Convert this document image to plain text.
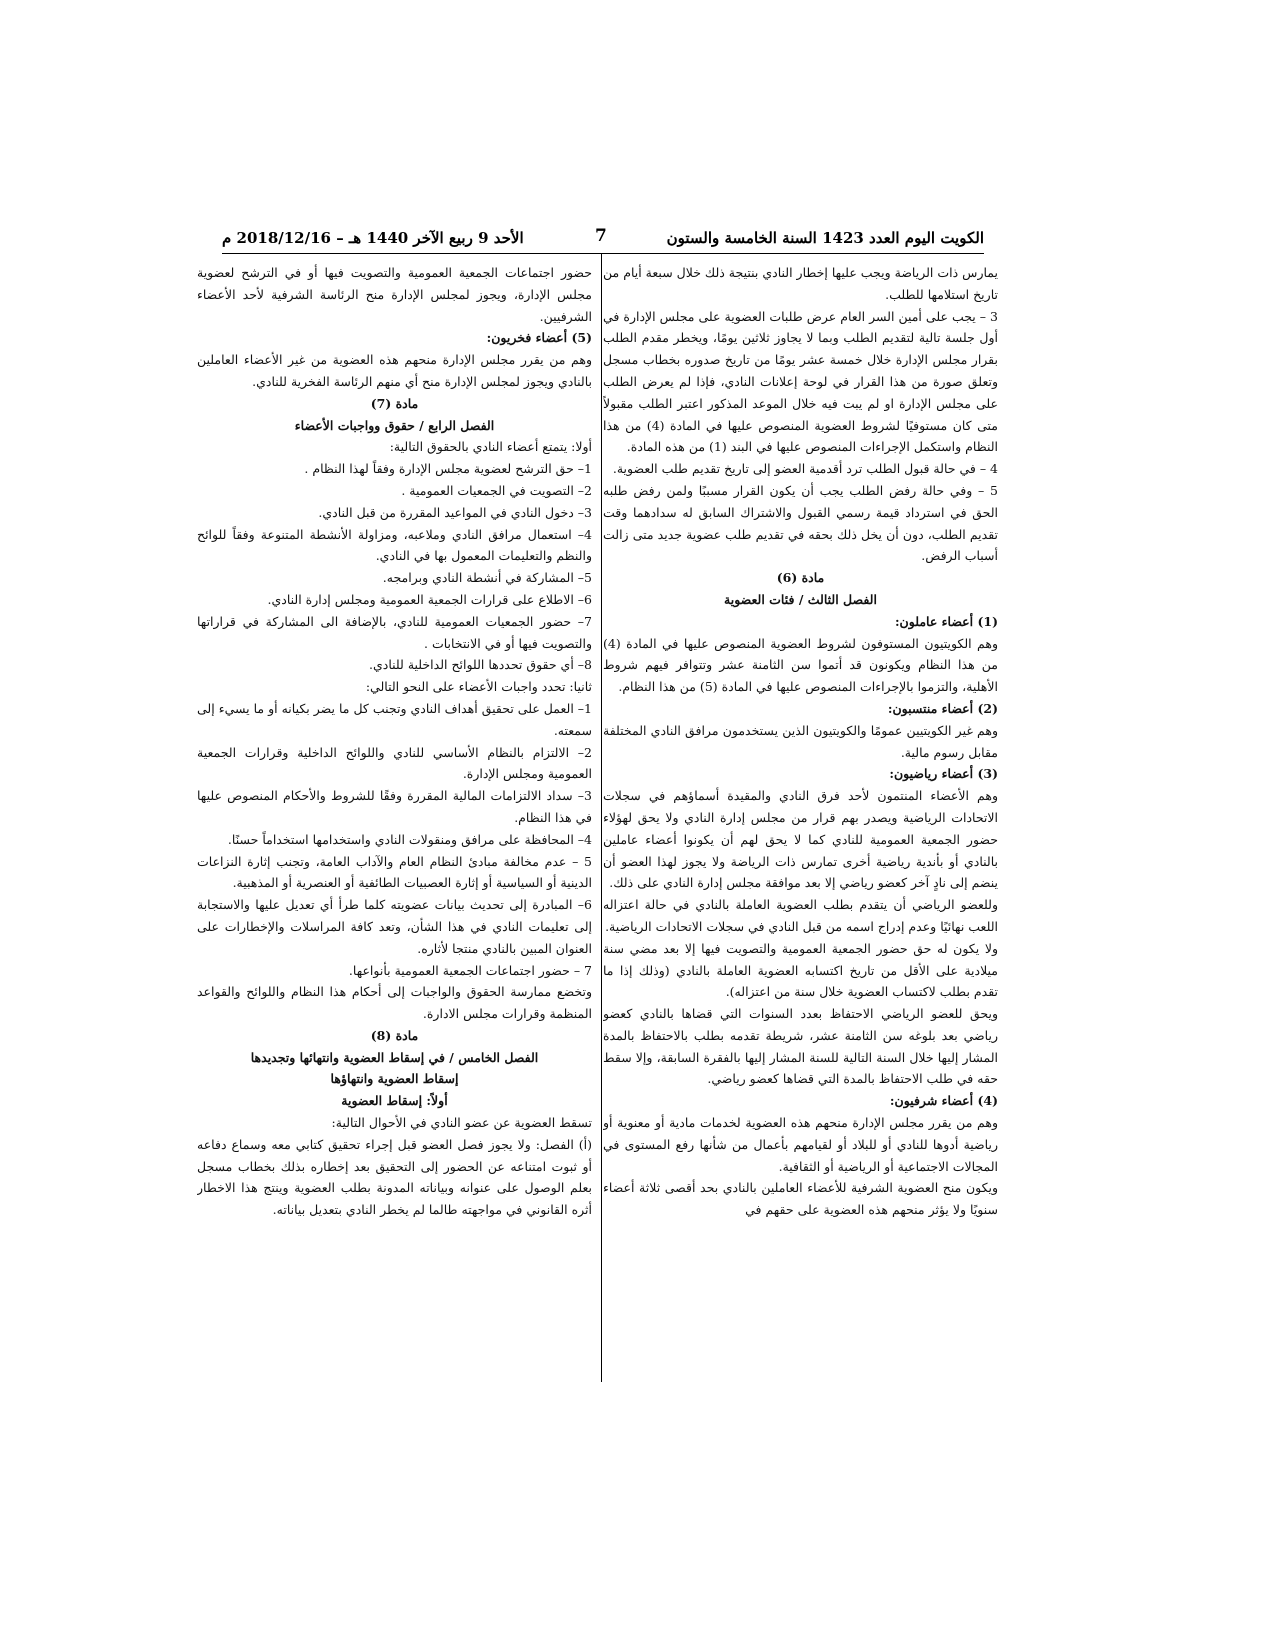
الأحد 9 ربيع الآخر 1440 هـ – 2018/12/16 م	7	الكويت اليوم العدد 1423 السنة الخامسة والستون

يمارس ذات الرياضة ويجب عليها إخطار النادي بنتيجة ذلك خلال سبعة أيام من تاريخ استلامها للطلب.

3 – يجب على أمين السر العام عرض طلبات العضوية على مجلس الإدارة في أول جلسة تالية لتقديم الطلب وبما لا يجاوز ثلاثين يومًا، ويخطر مقدم الطلب بقرار مجلس الإدارة خلال خمسة عشر يومًا من تاريخ صدوره بخطاب مسجل وتعلق صورة من هذا القرار في لوحة إعلانات النادي، فإذا لم يعرض الطلب على مجلس الإدارة او لم يبت فيه خلال الموعد المذكور اعتبر الطلب مقبولاً متى كان مستوفيًا لشروط العضوية المنصوص عليها في المادة (4) من هذا النظام واستكمل الإجراءات المنصوص عليها في البند (1) من هذه المادة.

4 – في حالة قبول الطلب ترد أقدمية العضو إلى تاريخ تقديم طلب العضوية.

5 – وفي حالة رفض الطلب يجب أن يكون القرار مسببًا ولمن رفض طلبه الحق في استرداد قيمة رسمي القبول والاشتراك السابق له سدادهما وقت تقديم الطلب، دون أن يخل ذلك بحقه في تقديم طلب عضوية جديد متى زالت أسباب الرفض.

مادة (6)

الفصل الثالث / فئات العضوية

(1) أعضاء عاملون:

وهم الكويتيون المستوفون لشروط العضوية المنصوص عليها في المادة (4) من هذا النظام ويكونون قد أتموا سن الثامنة عشر وتتوافر فيهم شروط الأهلية، والتزموا بالإجراءات المنصوص عليها في المادة (5) من هذا النظام.

(2) أعضاء منتسبون:

وهم غير الكويتيين عمومًا والكويتيون الذين يستخدمون مرافق النادي المختلفة مقابل رسوم مالية.

(3) أعضاء رياضيون:

وهم الأعضاء المنتمون لأحد فرق النادي والمقيدة أسماؤهم في سجلات الاتحادات الرياضية ويصدر بهم قرار من مجلس إدارة النادي ولا يحق لهؤلاء حضور الجمعية العمومية للنادي كما لا يحق لهم أن يكونوا أعضاء عاملين بالنادي أو بأندية رياضية أخرى تمارس ذات الرياضة ولا يجوز لهذا العضو أن ينضم إلى نادٍ آخر كعضو رياضي إلا بعد موافقة مجلس إدارة النادي على ذلك.

وللعضو الرياضي أن يتقدم بطلب العضوية العاملة بالنادي في حالة اعتزاله اللعب نهائيًا وعدم إدراج اسمه من قبل النادي في سجلات الاتحادات الرياضية.

ولا يكون له حق حضور الجمعية العمومية والتصويت فيها إلا بعد مضي سنة ميلادية على الأقل من تاريخ اكتسابه العضوية العاملة بالنادي (وذلك إذا ما تقدم بطلب لاكتساب العضوية خلال سنة من اعتزاله).

ويحق للعضو الرياضي الاحتفاظ بعدد السنوات التي قضاها بالنادي كعضو رياضي بعد بلوغه سن الثامنة عشر، شريطة تقدمه بطلب بالاحتفاظ بالمدة المشار إليها خلال السنة التالية للسنة المشار إليها بالفقرة السابقة، وإلا سقط حقه في طلب الاحتفاظ بالمدة التي قضاها كعضو رياضي.

(4) أعضاء شرفيون:

وهم من يقرر مجلس الإدارة منحهم هذه العضوية لخدمات مادية أو معنوية أو رياضية أدوها للنادي أو للبلاد أو لقيامهم بأعمال من شأنها رفع المستوى في المجالات الاجتماعية أو الرياضية أو الثقافية.

ويكون منح العضوية الشرفية للأعضاء العاملين بالنادي بحد أقصى ثلاثة أعضاء سنويًا ولا يؤثر منحهم هذه العضوية على حقهم في

حضور اجتماعات الجمعية العمومية والتصويت فيها أو في الترشح لعضوية مجلس الإدارة، ويجوز لمجلس الإدارة منح الرئاسة الشرفية لأحد الأعضاء الشرفيين.

(5) أعضاء فخريون:

وهم من يقرر مجلس الإدارة منحهم هذه العضوية من غير الأعضاء العاملين بالنادي ويجوز لمجلس الإدارة منح أي منهم الرئاسة الفخرية للنادي.

مادة (7)

الفصل الرابع / حقوق وواجبات الأعضاء

أولا: يتمتع أعضاء النادي بالحقوق التالية:

1– حق الترشح لعضوية مجلس الإدارة وفقاً لهذا النظام .

2– التصويت في الجمعيات العمومية .

3– دخول النادي في المواعيد المقررة من قبل النادي.

4– استعمال مرافق النادي وملاعبه، ومزاولة الأنشطة المتنوعة وفقاً للوائح والنظم والتعليمات المعمول بها في النادي.

5– المشاركة في أنشطة النادي وبرامجه.

6– الاطلاع على قرارات الجمعية العمومية ومجلس إدارة النادي.

7– حضور الجمعيات العمومية للنادي، بالإضافة الى المشاركة في قراراتها والتصويت فيها أو في الانتخابات .

8– أي حقوق تحددها اللوائح الداخلية للنادي.

ثانيا: تحدد واجبات الأعضاء على النحو التالي:

1– العمل على تحقيق أهداف النادي وتجنب كل ما يضر بكيانه أو ما يسيء إلى سمعته.

2– الالتزام بالنظام الأساسي للنادي واللوائح الداخلية وقرارات الجمعية العمومية ومجلس الإدارة.

3– سداد الالتزامات المالية المقررة وفقًا للشروط والأحكام المنصوص عليها في هذا النظام.

4– المحافظة على مرافق ومنقولات النادي واستخدامها استخداماً حسنًا.

5 – عدم مخالفة مبادئ النظام العام والآداب العامة، وتجنب إثارة النزاعات الدينية أو السياسية أو إثارة العصبيات الطائفية أو العنصرية أو المذهبية.

6– المبادرة إلى تحديث بيانات عضويته كلما طرأ أي تعديل عليها والاستجابة إلى تعليمات النادي في هذا الشأن، وتعد كافة المراسلات والإخطارات على العنوان المبين بالنادي منتجا لأثاره.

7 – حضور اجتماعات الجمعية العمومية بأنواعها.

وتخضع ممارسة الحقوق والواجبات إلى أحكام هذا النظام واللوائح والقواعد المنظمة وقرارات مجلس الادارة.

مادة (8)

الفصل الخامس / في إسقاط العضوية وانتهائها وتجديدها

إسقاط العضوية وانتهاؤها

أولاً: إسقاط العضوية

تسقط العضوية عن عضو النادي في الأحوال التالية:

(أ) الفصل: ولا يجوز فصل العضو قبل إجراء تحقيق كتابي معه وسماع دفاعه أو ثبوت امتناعه عن الحضور إلى التحقيق بعد إخطاره بذلك بخطاب مسجل بعلم الوصول على عنوانه وبياناته المدونة بطلب العضوية وينتج هذا الاخطار أثره القانوني في مواجهته طالما لم يخطر النادي بتعديل بياناته.
